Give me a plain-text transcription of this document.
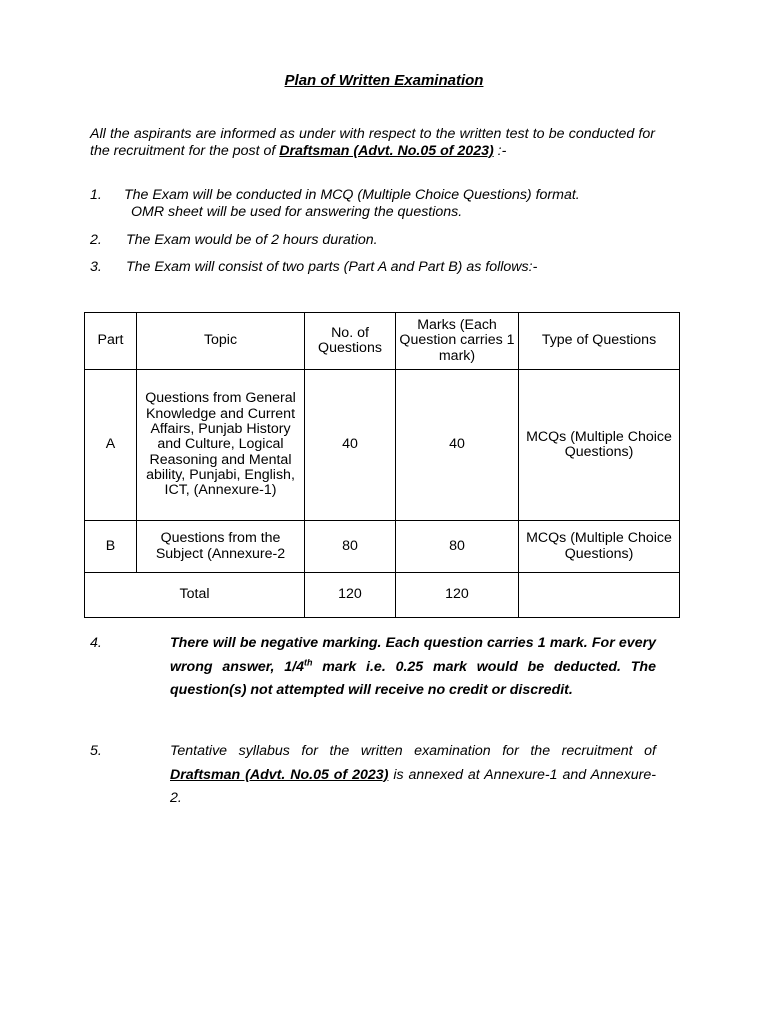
Plan of Written Examination
All the aspirants are informed as under with respect to the written test to be conducted for the recruitment for the post of Draftsman (Advt. No.05 of 2023) :-
1. The Exam will be conducted in MCQ (Multiple Choice Questions) format.
OMR sheet will be used for answering the questions.
2. The Exam would be of 2 hours duration.
3. The Exam will consist of two parts (Part A and Part B) as follows:-
Part	Topic	No. of Questions	Marks (Each Question carries 1 mark)	Type of Questions
A	Questions from General Knowledge and Current Affairs, Punjab History and Culture, Logical Reasoning and Mental ability, Punjabi, English, ICT, (Annexure-1)	40	40	MCQs (Multiple Choice Questions)
B	Questions from the Subject (Annexure-2	80	80	MCQs (Multiple Choice Questions)
Total		120	120	
4.	There will be negative marking. Each question carries 1 mark. For every wrong answer, 1/4th mark i.e. 0.25 mark would be deducted. The question(s) not attempted will receive no credit or discredit.
5.	Tentative syllabus for the written examination for the recruitment of Draftsman (Advt. No.05 of 2023) is annexed at Annexure-1 and Annexure-2.
